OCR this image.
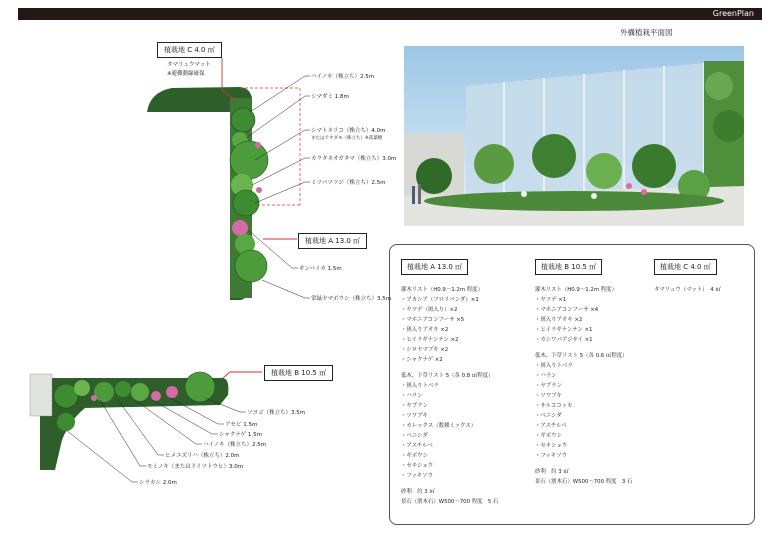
GreenPlan
外構植栽平面図
植栽地 C 4.0 ㎡
タマリュウマット
※避難動線確保
植栽地 A 13.0 ㎡
植栽地 B 10.5 ㎡
ハイノキ（株立ち）2.5m
シマダミ 1.8m
シマトネリコ（株立ち）4.0m
またはアオダモ（株立ち）※落葉樹
カラタネオガタマ（株立ち）3.0m
ミツバツツジ（株立ち）2.5m
ギンバイカ 1.5m
常緑ヤマボウシ（株立ち）3.5m
ソヨゴ（株立ち）3.5m
アセビ 1.5m
シャクナゲ 1.5m
ハイノキ（株立ち）2.5m
ヒメユズリハ（株立ち）2.0m
モミノキ（またはドイツトウヒ）3.0m
シラカシ 2.0m
植栽地 A 13.0 ㎡
灌木リスト（H0.9〜1.2m 程度）
・アカシア（フロリバンダ）×1
・ヤツデ（斑入り）×2
・マホニアコンフーサ ×5
・斑入りアオキ ×2
・ヒイラギナンテン ×2
・シロヤマブキ ×2
・シャクナゲ ×2
低木、下草リスト 5（各 0.8 ㎡程度）
・斑入りトベラ
・ハラン
・ヤブラン
・ツワブキ
・カレックス（数種ミックス）
・ベニシダ
・アスチルベ
・ギボウシ
・セキショウ
・フッキソウ
砂利　約 3 ㎡
景石（割木石）W500〜700 程度　5 石
植栽地 B 10.5 ㎡
灌木リスト（H0.9〜1.2m 程度）
・ヤツデ ×1
・マホニアコンフーサ ×4
・斑入りアオキ ×2
・ヒイラギナンテン ×1
・カシワバアジサイ ×1
低木、下草リスト 5（各 0.6 ㎡程度）
・斑入りトベラ
・ハラン
・ヤブラン
・ツワブキ
・サルココッカ
・ベニシダ
・アスチルベ
・ギボウシ
・セキショウ
・フッキソウ
砂利　約 3 ㎡
景石（割木石）W500〜700 程度　3 石
植栽地 C 4.0 ㎡
タマリュウ（マット）　4 ㎡
